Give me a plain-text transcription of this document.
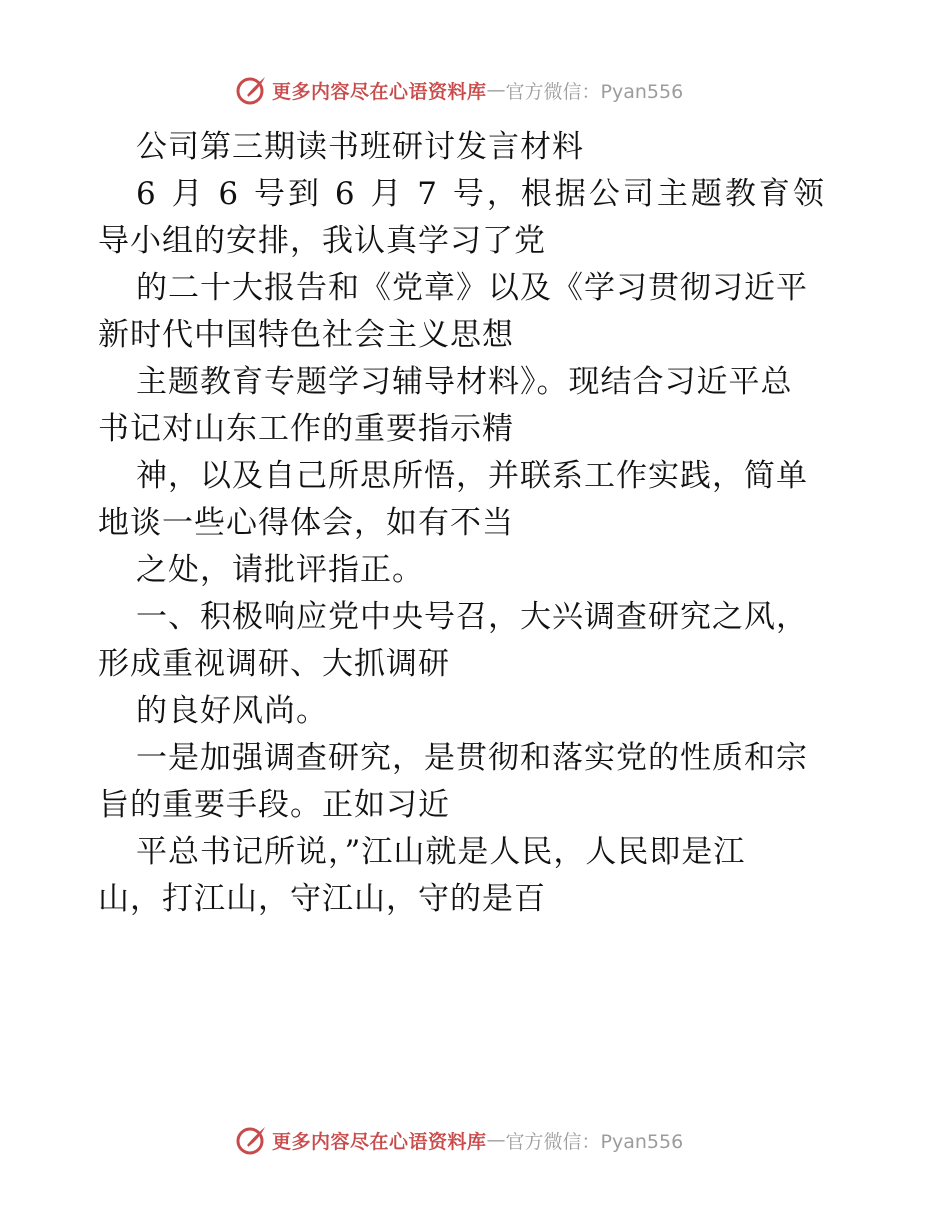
更多内容尽在心语资料库 — 官方微信：Pyan556
公司第三期读书班研讨发言材料
6 月 6 号到 6 月 7 号，根据公司主题教育领
导小组的安排，我认真学习了党
的二十大报告和《党章》以及《学习贯彻习近平
新时代中国特色社会主义思想
主题教育专题学习辅导材料》。现结合习近平总
书记对山东工作的重要指示精
神，以及自己所思所悟，并联系工作实践，简单
地谈一些心得体会，如有不当
之处，请批评指正。
一、积极响应党中央号召，大兴调查研究之风，
形成重视调研、大抓调研
的良好风尚。
一是加强调查研究，是贯彻和落实党的性质和宗
旨的重要手段。正如习近
平总书记所说，”江山就是人民，人民即是江
山，打江山，守江山，守的是百
更多内容尽在心语资料库 — 官方微信：Pyan556
